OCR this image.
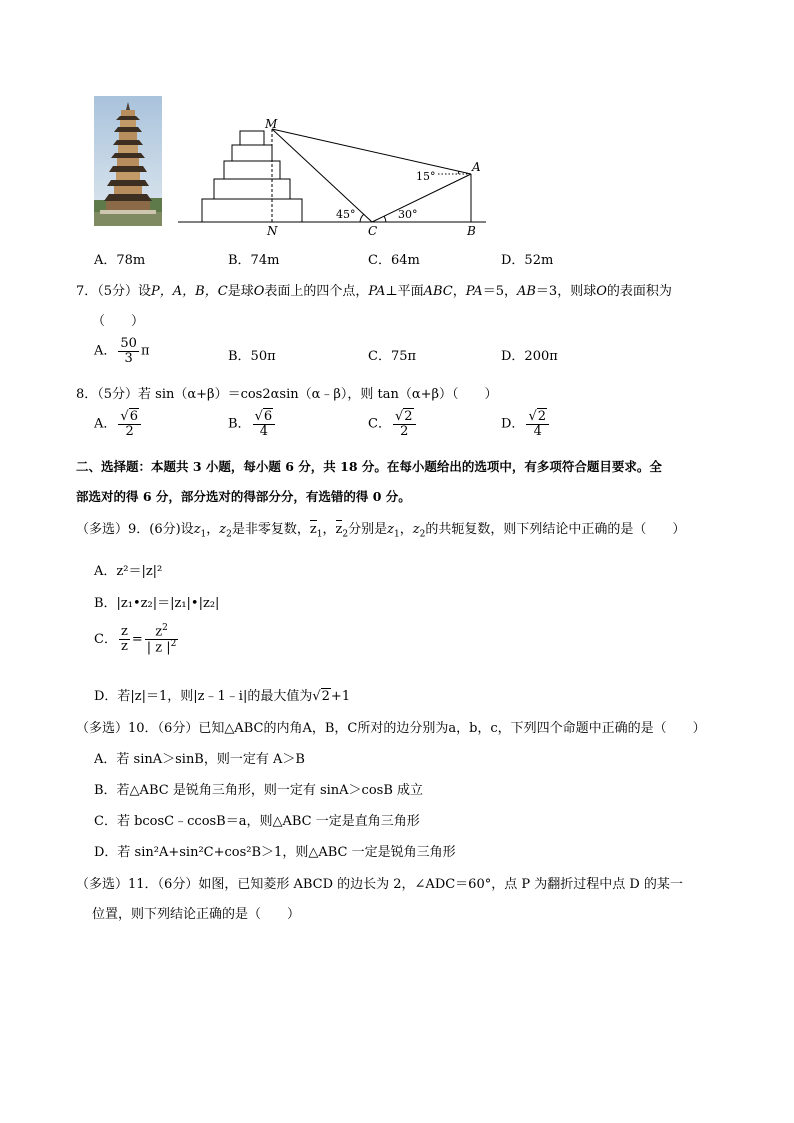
M
N	C
A
B
15°
45°	30°
A．78m	B．74m	C．64m	D．52m
7．（5分）设P，A，B，C是球O表面上的四个点，PA⊥平面ABC，PA＝5，AB＝3，则球O的表面积为
（　　）
A． $\frac{50}{3}$ π	B．50π	C．75π	D．200π
8．（5分）若 sin（α+β）＝cos2αsin（α﹣β），则 tan（α+β）（　　）
A． $\frac{√6}{2}$	B． $\frac{√6}{4}$	C． $\frac{√2}{2}$	D． $\frac{√2}{4}$
二、选择题：本题共 3 小题，每小题 6 分，共 18 分。在每小题给出的选项中，有多项符合题目要求。全
部选对的得 6 分，部分选对的得部分分，有选错的得 0 分。
（多选）9．(6分)设$z_1$，$z_2$是非零复数，$z_1$，$z_2$分别是$z_1$，$z_2$的共轭复数，则下列结论中正确的是（　　）
A．z²＝|z|²
B．|z₁•z₂|＝|z₁|•|z₂|
C． $\frac{z}{z} = \frac{z^2}{| z |^2}$
D．若|z|＝1，则|z﹣1﹣i|的最大值为√2+1
（多选）10．（6分）已知△ABC的内角A，B，C所对的边分别为a，b，c，下列四个命题中正确的是（　　）
A．若 sinA＞sinB，则一定有 A＞B
B．若△ABC 是锐角三角形，则一定有 sinA＞cosB 成立
C．若 bcosC﹣ccosB＝a，则△ABC 一定是直角三角形
D．若 sin²A+sin²C+cos²B＞1，则△ABC 一定是锐角三角形
（多选）11．（6分）如图，已知菱形 ABCD 的边长为 2，∠ADC＝60°，点 P 为翻折过程中点 D 的某一
位置，则下列结论正确的是（　　）
